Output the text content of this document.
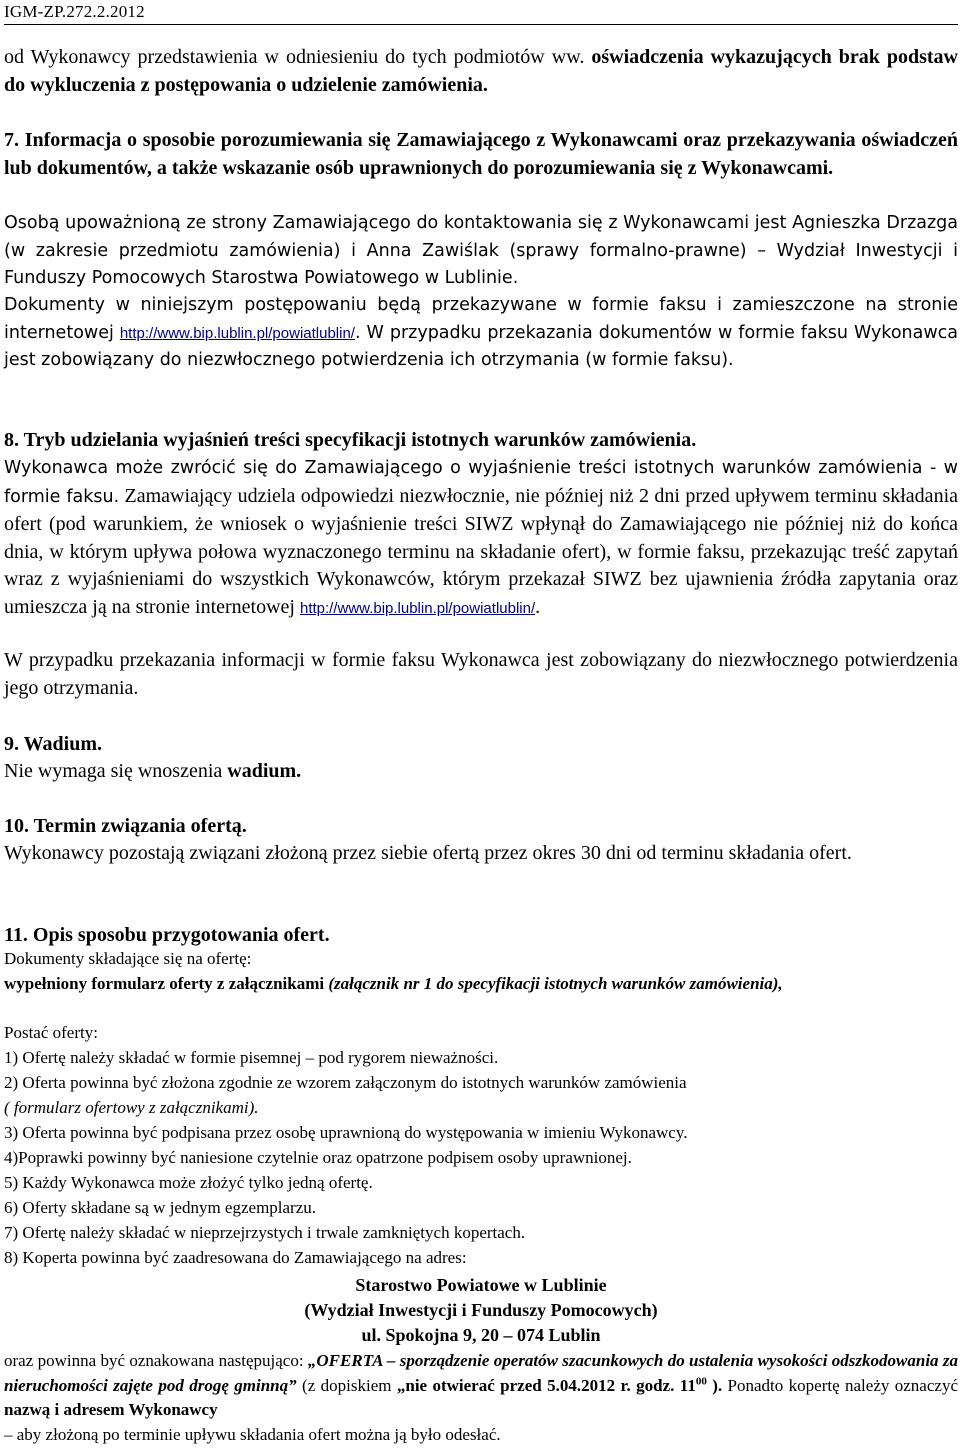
IGM-ZP.272.2.2012
od Wykonawcy przedstawienia w odniesieniu do tych podmiotów ww. oświadczenia wykazujących brak podstaw do wykluczenia z postępowania o udzielenie zamówienia.
7. Informacja o sposobie porozumiewania się Zamawiającego z Wykonawcami oraz przekazywania oświadczeń lub dokumentów, a także wskazanie osób uprawnionych do porozumiewania się z Wykonawcami.
Osobą upoważnioną ze strony Zamawiającego do kontaktowania się z Wykonawcami jest Agnieszka Drzazga (w zakresie przedmiotu zamówienia) i Anna Zawiślak (sprawy formalno-prawne) – Wydział Inwestycji i Funduszy Pomocowych Starostwa Powiatowego w Lublinie.
Dokumenty w niniejszym postępowaniu będą przekazywane w formie faksu i zamieszczone na stronie internetowej http://www.bip.lublin.pl/powiatlublin/. W przypadku przekazania dokumentów w formie faksu Wykonawca jest zobowiązany do niezwłocznego potwierdzenia ich otrzymania (w formie faksu).
8. Tryb udzielania wyjaśnień treści specyfikacji istotnych warunków zamówienia.
Wykonawca może zwrócić się do Zamawiającego o wyjaśnienie treści istotnych warunków zamówienia - w formie faksu. Zamawiający udziela odpowiedzi niezwłocznie, nie później niż 2 dni przed upływem terminu składania ofert (pod warunkiem, że wniosek o wyjaśnienie treści SIWZ wpłynął do Zamawiającego nie później niż do końca dnia, w którym upływa połowa wyznaczonego terminu na składanie ofert), w formie faksu, przekazując treść zapytań wraz z wyjaśnieniami do wszystkich Wykonawców, którym przekazał SIWZ bez ujawnienia źródła zapytania oraz umieszcza ją na stronie internetowej http://www.bip.lublin.pl/powiatlublin/.
W przypadku przekazania informacji w formie faksu Wykonawca jest zobowiązany do niezwłocznego potwierdzenia jego otrzymania.
9. Wadium.
Nie wymaga się wnoszenia wadium.
10. Termin związania ofertą.
Wykonawcy pozostają związani złożoną przez siebie ofertą przez okres 30 dni od terminu składania ofert.
11. Opis sposobu przygotowania ofert.
Dokumenty składające się na ofertę:
wypełniony formularz oferty z załącznikami (załącznik nr 1 do specyfikacji istotnych warunków zamówienia),
Postać oferty:
1) Ofertę należy składać w formie pisemnej – pod rygorem nieważności.
2) Oferta powinna być złożona zgodnie ze wzorem załączonym do istotnych warunków zamówienia
( formularz ofertowy z załącznikami).
3) Oferta powinna być podpisana przez osobę uprawnioną do występowania w imieniu Wykonawcy.
4)Poprawki powinny być naniesione czytelnie oraz opatrzone podpisem osoby uprawnionej.
5) Każdy Wykonawca może złożyć tylko jedną ofertę.
6) Oferty składane są w jednym egzemplarzu.
7) Ofertę należy składać w nieprzejrzystych i trwale zamkniętych kopertach.
8) Koperta powinna być zaadresowana do Zamawiającego na adres:
Starostwo Powiatowe w Lublinie
(Wydział Inwestycji i Funduszy Pomocowych)
ul. Spokojna 9, 20 – 074 Lublin
oraz powinna być oznakowana następująco: „OFERTA – sporządzenie operatów szacunkowych do ustalenia wysokości odszkodowania za nieruchomości zajęte pod drogę gminną” (z dopiskiem „nie otwierać przed 5.04.2012 r. godz. $11^{00}$ ). Ponadto kopertę należy oznaczyć nazwą i adresem Wykonawcy
– aby złożoną po terminie upływu składania ofert można ją było odesłać.
